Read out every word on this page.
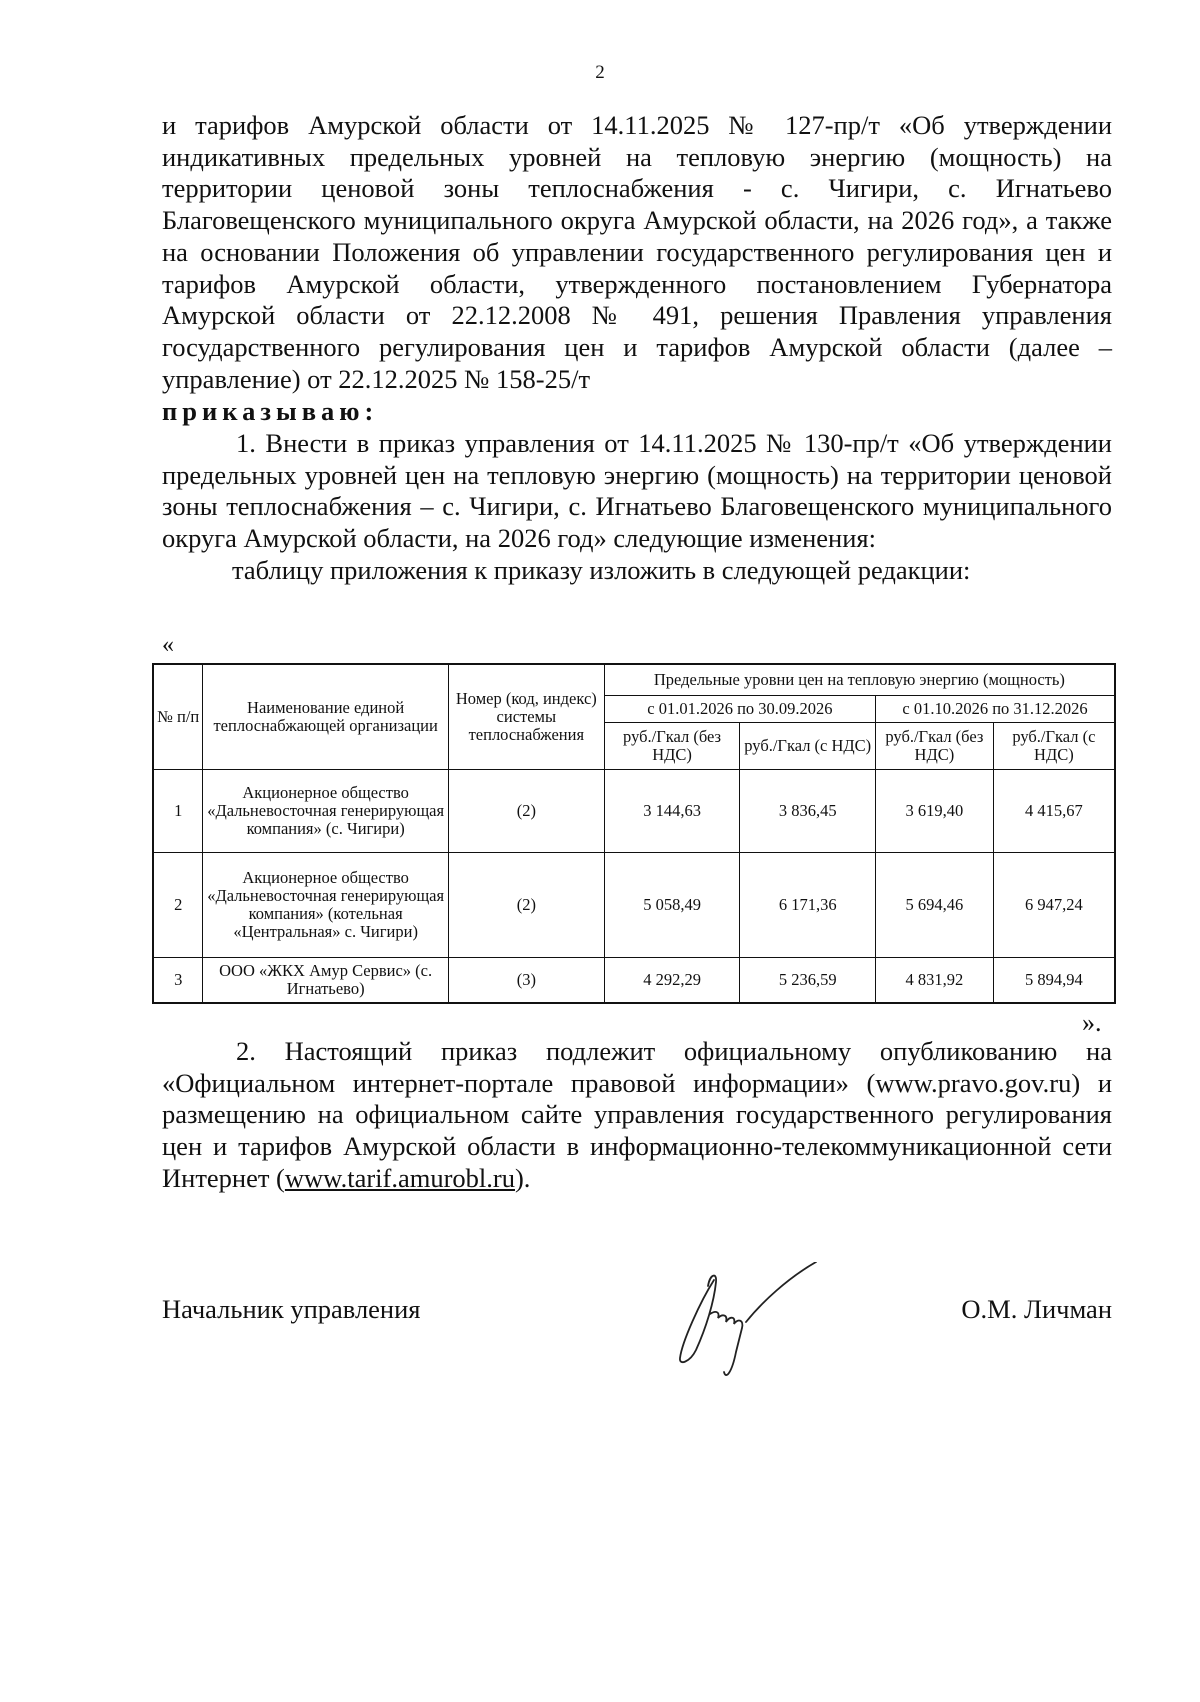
2

и тарифов Амурской области от 14.11.2025 № 127-пр/т «Об утверждении индикативных предельных уровней на тепловую энергию (мощность) на территории ценовой зоны теплоснабжения - с. Чигири, с. Игнатьево Благовещенского муниципального округа Амурской области, на 2026 год», а также на основании Положения об управлении государственного регулирования цен и тарифов Амурской области, утвержденного постановлением Губернатора Амурской области от 22.12.2008 № 491, решения Правления управления государственного регулирования цен и тарифов Амурской области (далее – управление) от 22.12.2025 № 158-25/т

приказываю:

1. Внести в приказ управления от 14.11.2025 № 130-пр/т «Об утверждении предельных уровней цен на тепловую энергию (мощность) на территории ценовой зоны теплоснабжения – с. Чигири, с. Игнатьево Благовещенского муниципального округа Амурской области, на 2026 год» следующие изменения:

таблицу приложения к приказу изложить в следующей редакции:

«
№ п/п	Наименование единой теплоснабжающей организации	Номер (код, индекс) системы теплоснабжения	Предельные уровни цен на тепловую энергию (мощность)			
			с 01.01.2026 по 30.09.2026		с 01.10.2026 по 31.12.2026	
			руб./Гкал (без НДС)	руб./Гкал (с НДС)	руб./Гкал (без НДС)	руб./Гкал (с НДС)
1	Акционерное общество «Дальневосточная генерирующая компания» (с. Чигири)	(2)	3 144,63	3 836,45	3 619,40	4 415,67
2	Акционерное общество «Дальневосточная генерирующая компания» (котельная «Центральная» с. Чигири)	(2)	5 058,49	6 171,36	5 694,46	6 947,24
3	ООО «ЖКХ Амур Сервис» (с. Игнатьево)	(3)	4 292,29	5 236,59	4 831,92	5 894,94
».

2. Настоящий приказ подлежит официальному опубликованию на «Официальном интернет-портале правовой информации» (www.pravo.gov.ru) и размещению на официальном сайте управления государственного регулирования цен и тарифов Амурской области в информационно-телекоммуникационной сети Интернет (www.tarif.amurobl.ru).

Начальник управления	О.М. Личман
